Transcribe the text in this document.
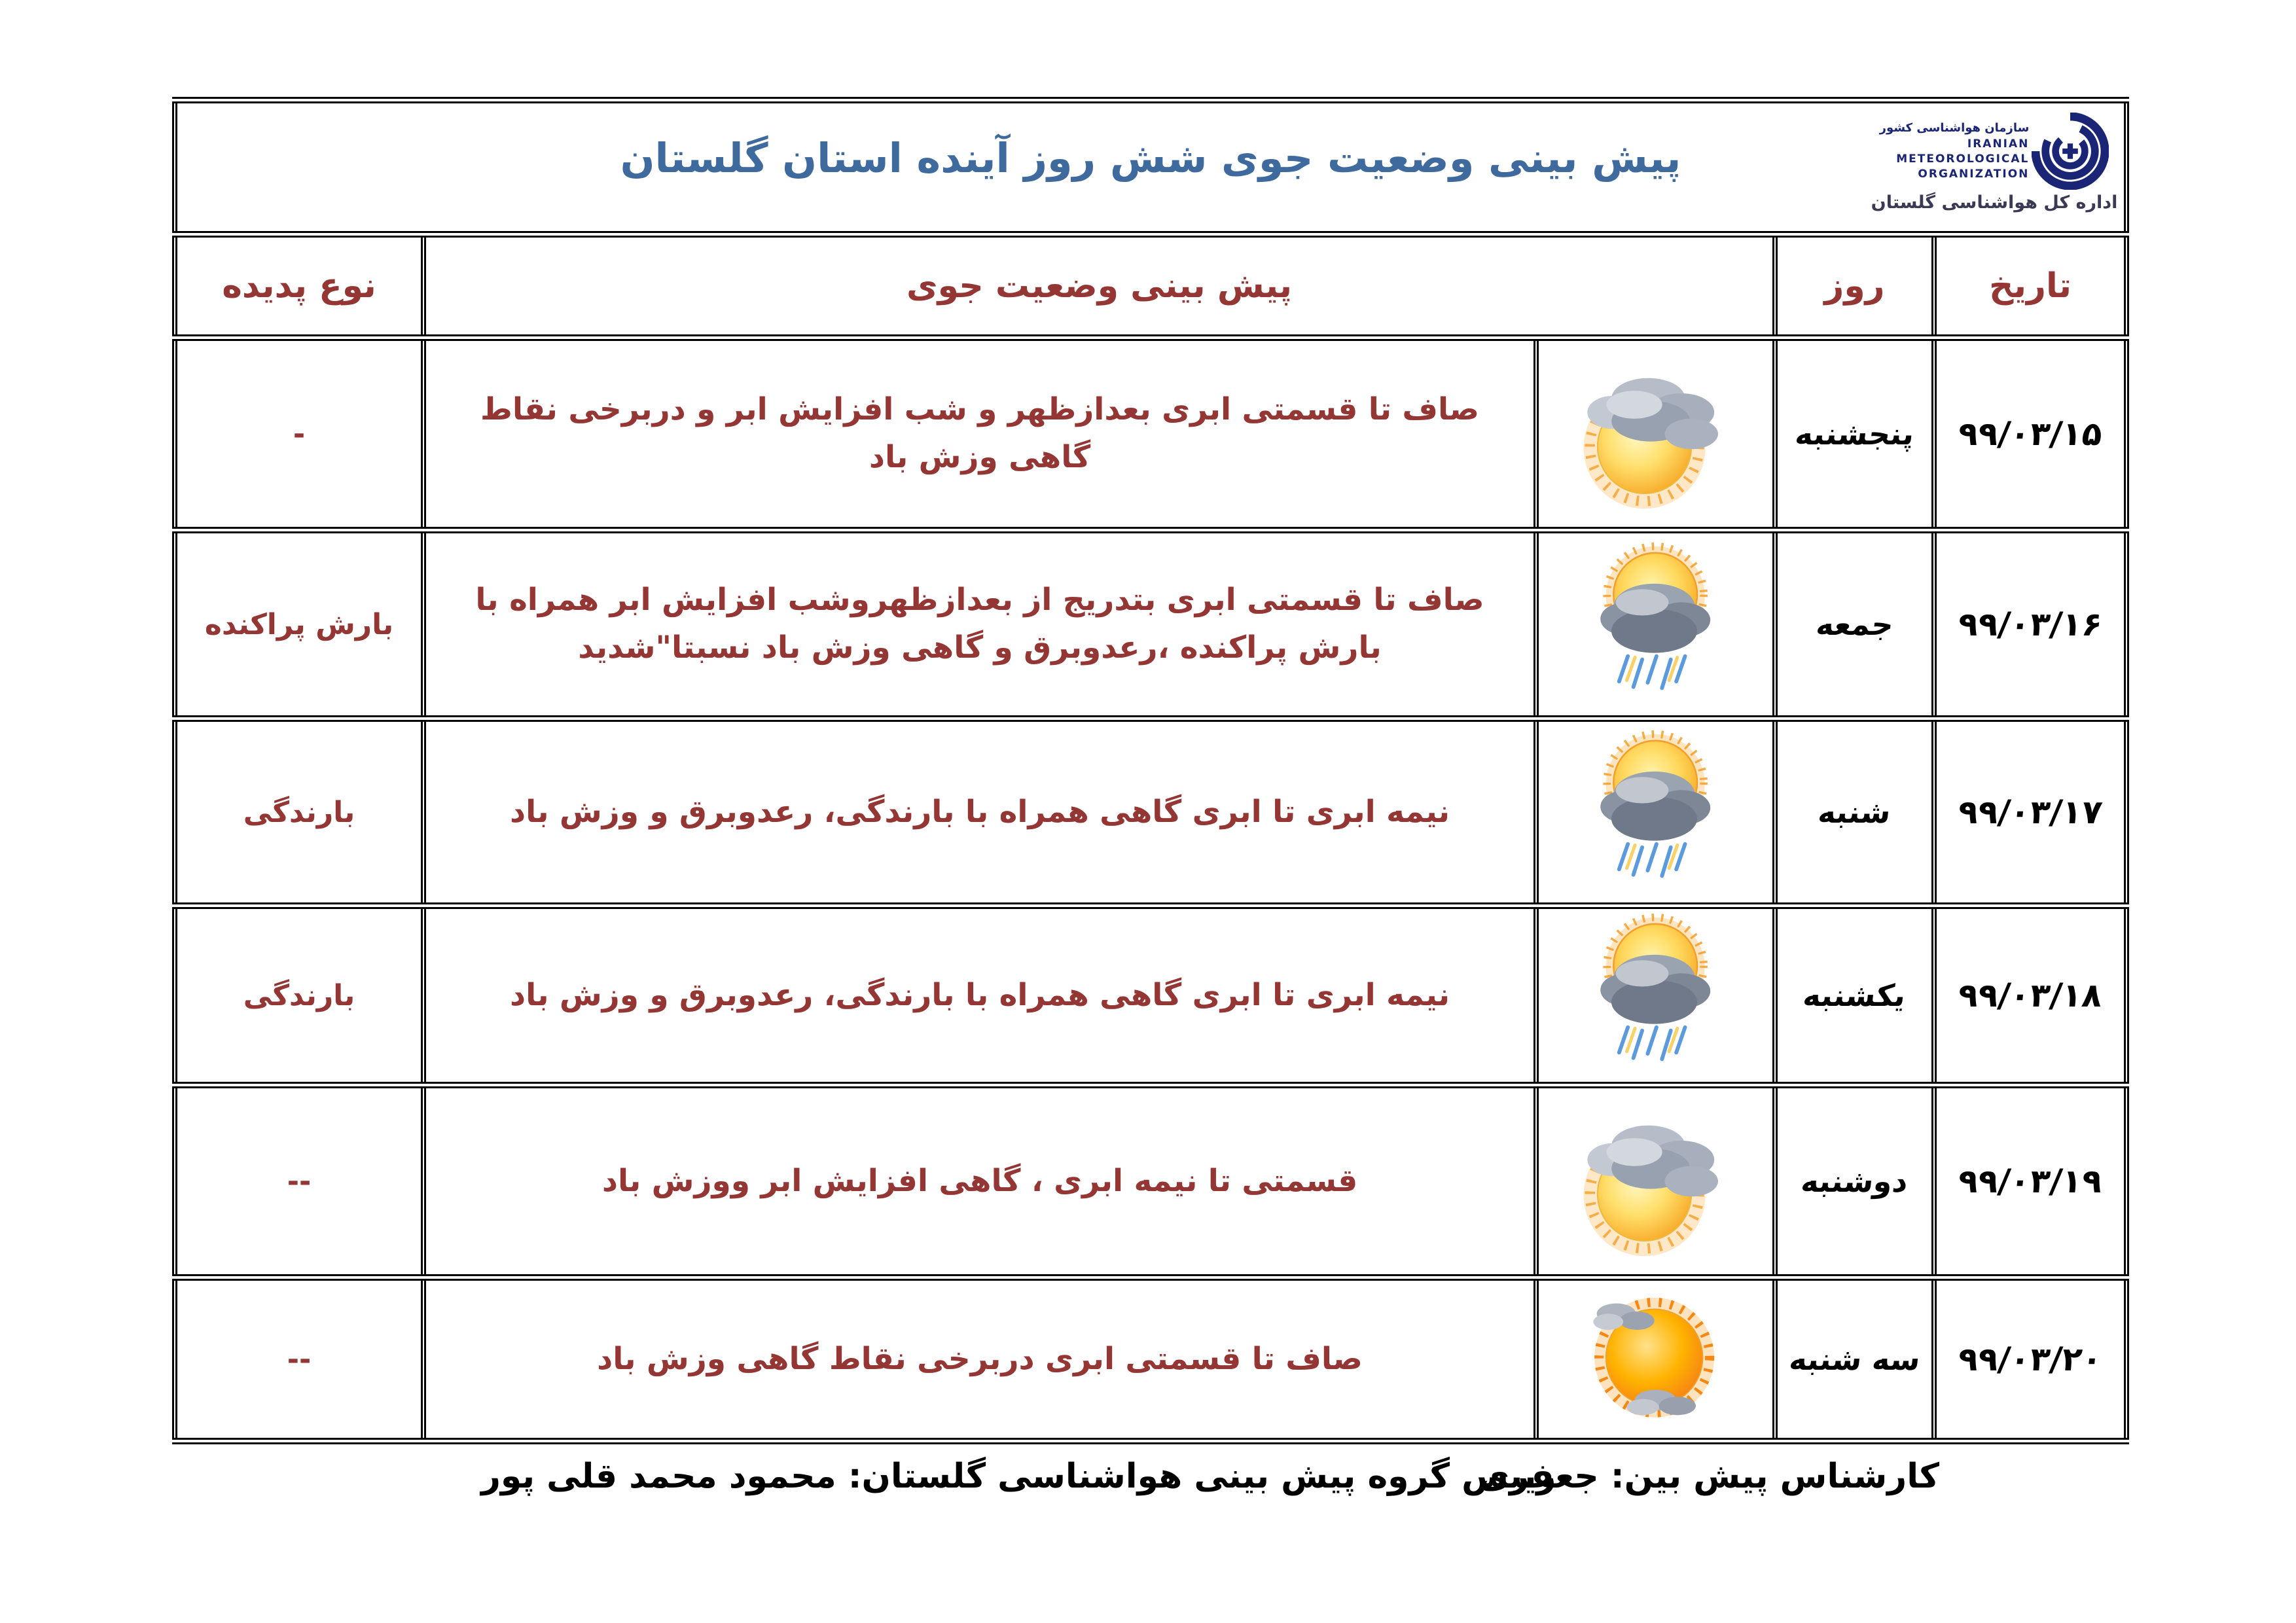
پیش بینی وضعیت جوی شش روز آینده استان گلستان
سازمان هواشناسی کشور
IRANIAN
METEOROLOGICAL
ORGANIZATION
اداره کل هواشناسی گلستان

تاریخ	روز	پیش بینی وضعیت جوی		نوع پدیده
۹۹/۰۳/۱۵	پنجشنبه		صاف تا قسمتی ابری بعدازظهر و شب افزایش ابر و دربرخی نقاط گاهی وزش باد	-
۹۹/۰۳/۱۶	جمعه		صاف تا قسمتی ابری بتدریج از بعدازظهروشب افزایش ابر همراه با بارش پراکنده ،رعدوبرق و گاهی وزش باد نسبتا"شدید	بارش پراکنده
۹۹/۰۳/۱۷	شنبه		نیمه ابری تا ابری گاهی همراه با بارندگی، رعدوبرق و وزش باد	بارندگی
۹۹/۰۳/۱۸	یکشنبه		نیمه ابری تا ابری گاهی همراه با بارندگی، رعدوبرق و وزش باد	بارندگی
۹۹/۰۳/۱۹	دوشنبه		قسمتی تا نیمه ابری ، گاهی افزایش ابر ووزش باد	--
۹۹/۰۳/۲۰	سه شنبه		صاف تا قسمتی ابری دربرخی نقاط گاهی وزش باد	--
کارشناس پیش بین: جعفری
رییس گروه پیش بینی هواشناسی گلستان: محمود محمد قلی پور
